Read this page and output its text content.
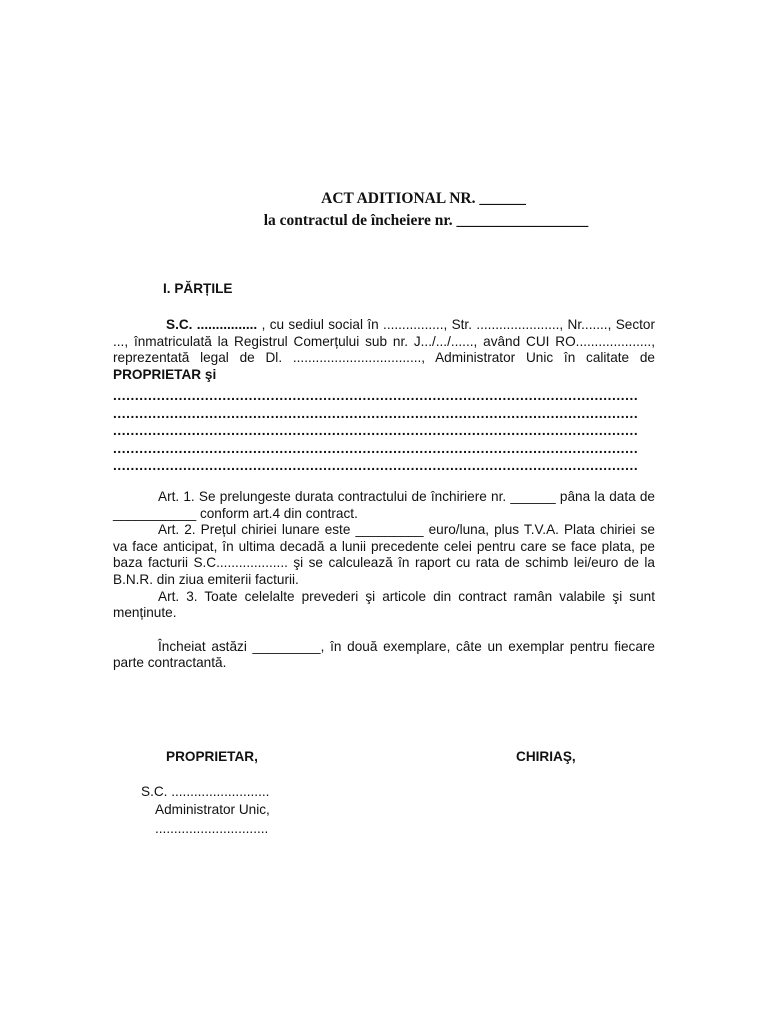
ACT ADITIONAL NR. ______
la contractul de încheiere nr. _________________
I. PĂRȚILE
S.C. ................ , cu sediul social în ................, Str. ......................, Nr......., Sector ..., înmatriculată la Registrul Comerțului sub nr. J.../.../......, având CUI RO...................., reprezentată legal de Dl. .................................., Administrator Unic în calitate de PROPRIETAR şi
........................................................................................................................
........................................................................................................................
........................................................................................................................
........................................................................................................................
........................................................................................................................

Art. 1. Se prelungeste durata contractului de închiriere nr. ______ pâna la data de ___________ conform art.4 din contract.

Art. 2. Prețul chiriei lunare este _________ euro/luna, plus T.V.A. Plata chiriei se va face anticipat, în ultima decadă a lunii precedente celei pentru care se face plata, pe baza facturii S.C................... şi se calculează în raport cu rata de schimb lei/euro de la B.N.R. din ziua emiterii facturii.

Art. 3. Toate celelalte prevederi şi articole din contract ramân valabile şi sunt menținute.

Încheiat astăzi _________, în două exemplare, câte un exemplar pentru fiecare parte contractantă.

PROPRIETAR,	CHIRIAŞ,
S.C. ..........................
Administrator Unic,
..............................
